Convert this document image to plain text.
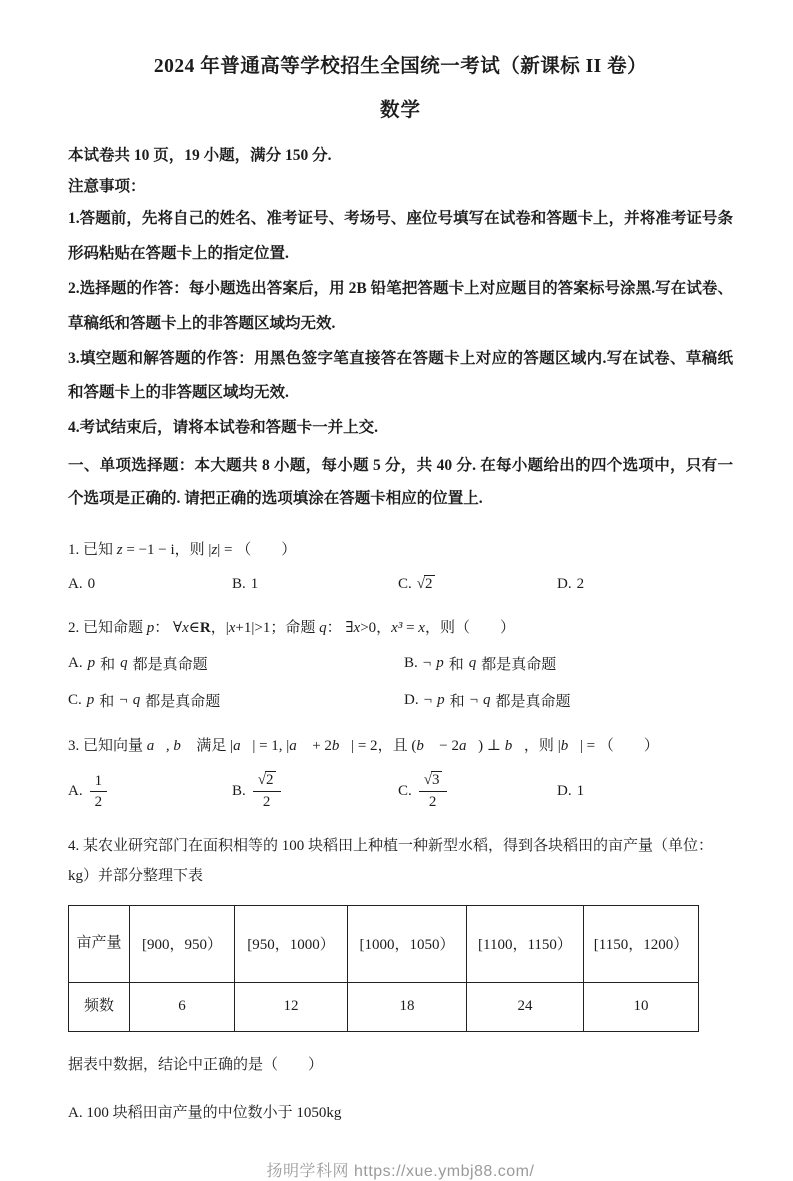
2024 年普通高等学校招生全国统一考试（新课标 II 卷）
数学

本试卷共 10 页，19 小题，满分 150 分.

注意事项：

1.答题前，先将自己的姓名、准考证号、考场号、座位号填写在试卷和答题卡上，并将准考证号条形码粘贴在答题卡上的指定位置.

2.选择题的作答：每小题选出答案后，用 2B 铅笔把答题卡上对应题目的答案标号涂黑.写在试卷、草稿纸和答题卡上的非答题区域均无效.

3.填空题和解答题的作答：用黑色签字笔直接答在答题卡上对应的答题区域内.写在试卷、草稿纸和答题卡上的非答题区域均无效.

4.考试结束后，请将本试卷和答题卡一并上交.

一、单项选择题：本大题共 8 小题，每小题 5 分，共 40 分. 在每小题给出的四个选项中，只有一个选项是正确的. 请把正确的选项填涂在答题卡相应的位置上.

1. 已知 z = −1 − i，则 |z| = （　　）
A. 0	B. 1	C. √2	D. 2
2. 已知命题 p： ∀x∈R，|x+1|>1；命题 q： ∃x>0，x³ = x，则（　　）
A. p 和 q 都是真命题	B. ¬ p 和 q 都是真命题
C. p 和 ¬ q 都是真命题	D. ¬ p 和 ¬ q 都是真命题
3. 已知向量 a⃗, b⃗ 满足 |a⃗| = 1, |a⃗ + 2b⃗| = 2，且 (b⃗ − 2a⃗) ⊥ b⃗，则 |b⃗| = （　　）
A. $\frac{1}{2}$	B. $\frac{√2}{2}$	C. $\frac{√3}{2}$	D. 1
4. 某农业研究部门在面积相等的 100 块稻田上种植一种新型水稻，得到各块稻田的亩产量（单位：kg）并部分整理下表
亩产量	[900，950）	[950，1000）	[1000，1050）	[1100，1150）	[1150，1200）
频数	6	12	18	24	10

据表中数据，结论中正确的是（　　）

A. 100 块稻田亩产量的中位数小于 1050kg

扬明学科网 https://xue.ymbj88.com/
